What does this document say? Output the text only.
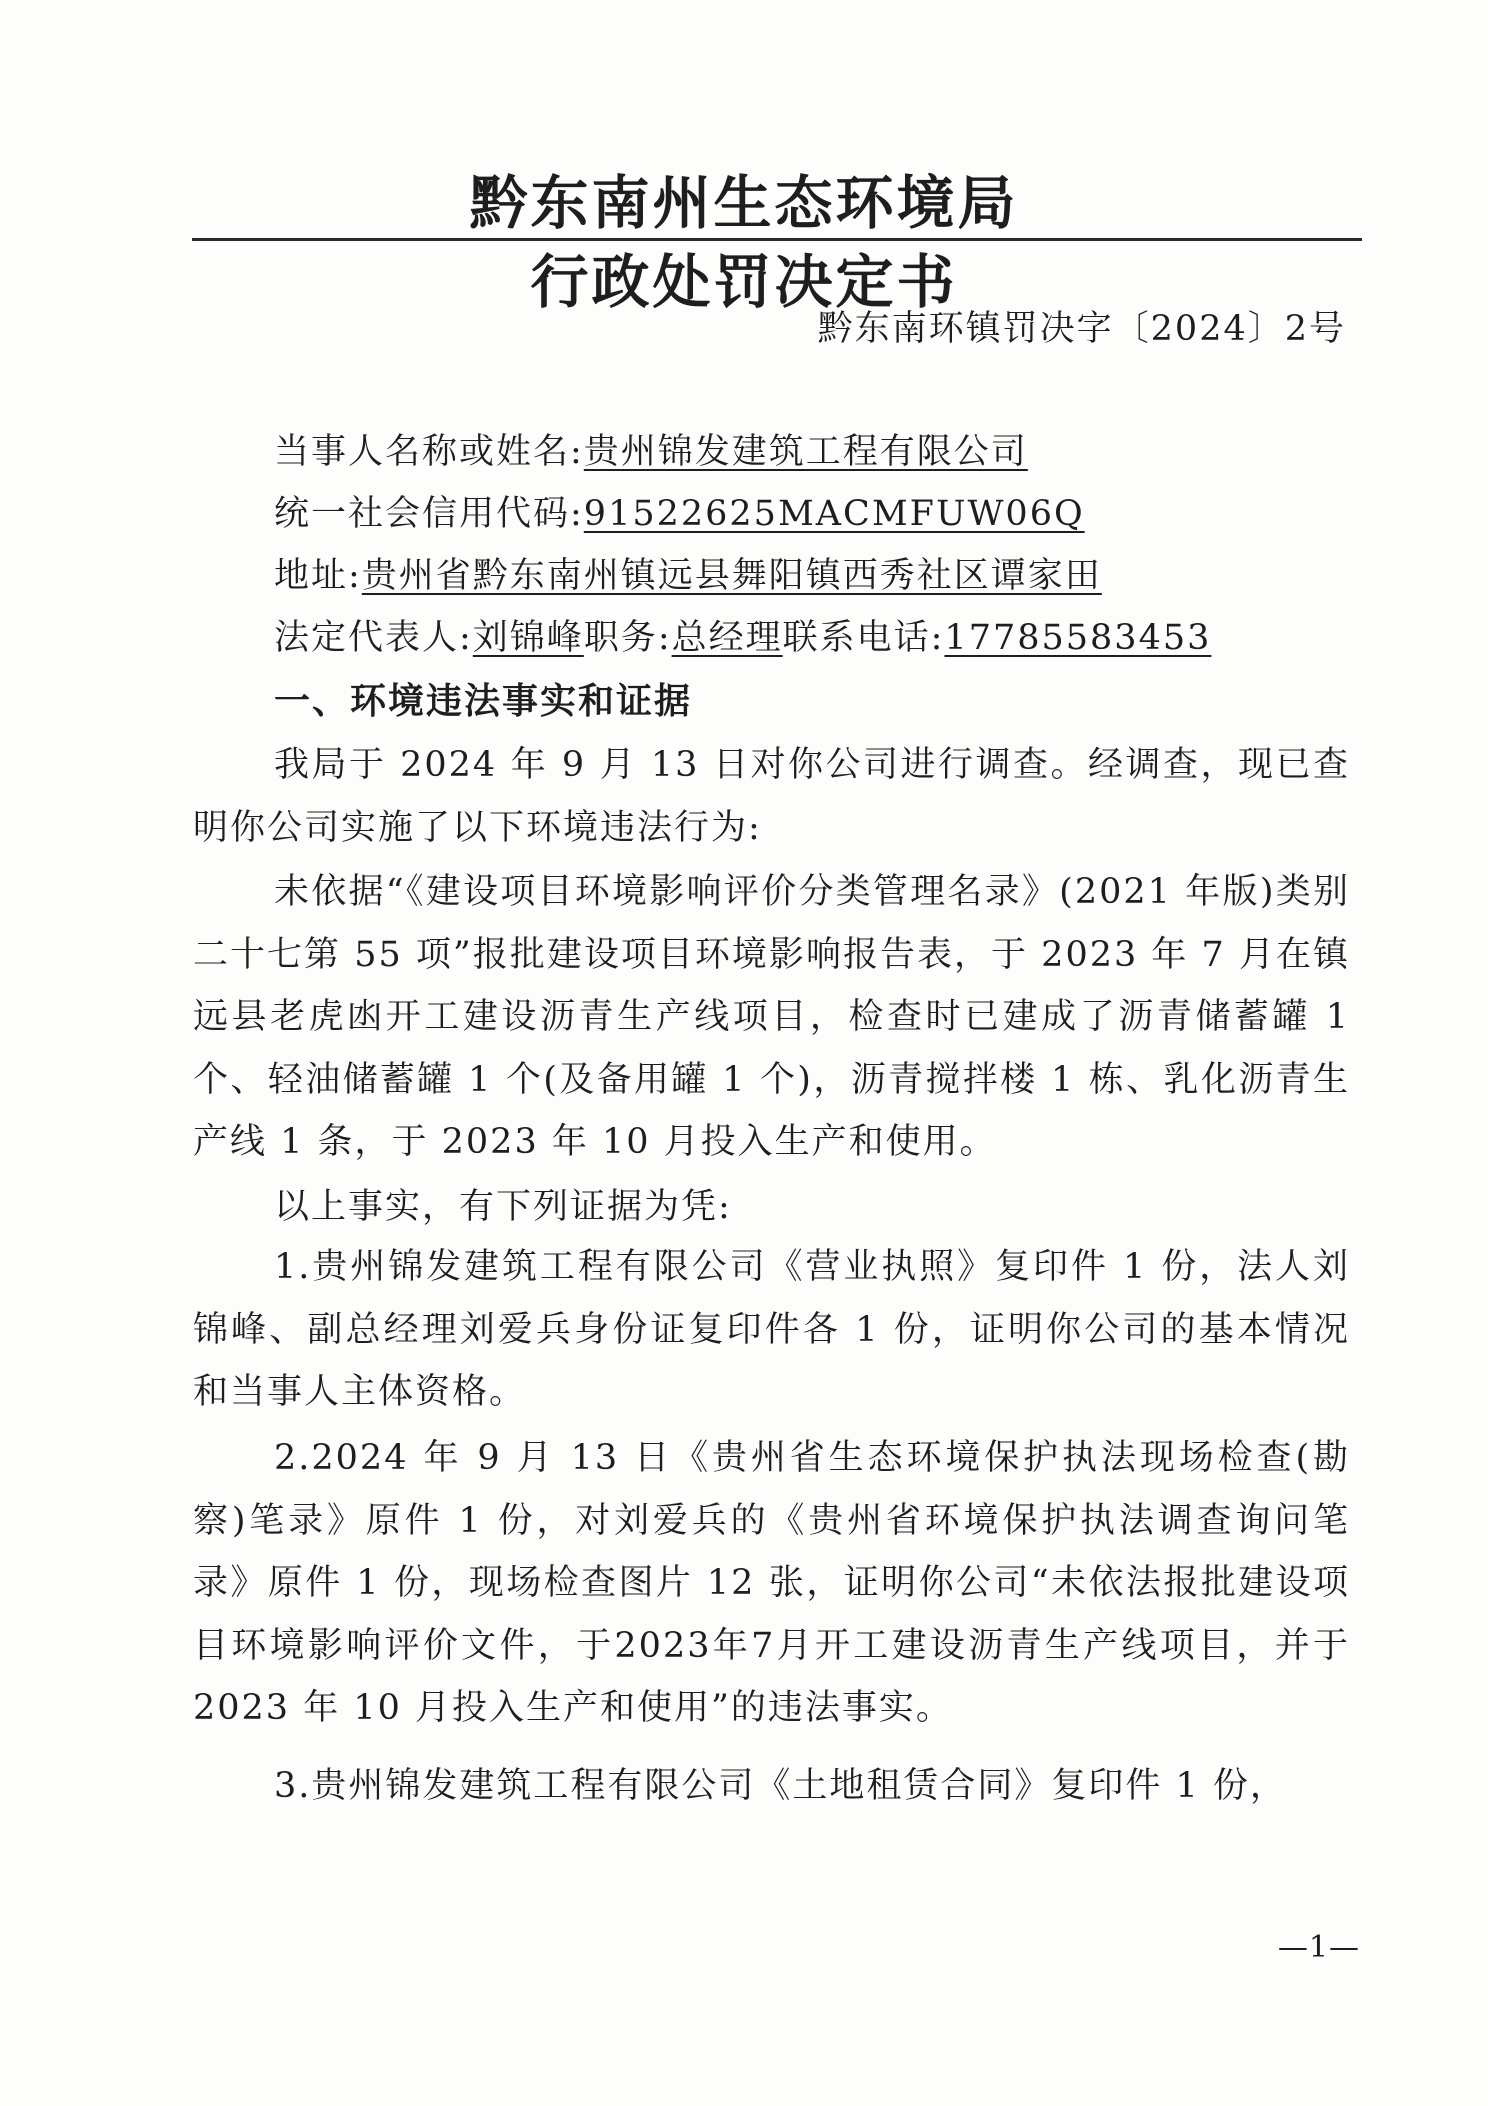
黔东南州生态环境局
行政处罚决定书
黔东南环镇罚决字〔2024〕2号
当事人名称或姓名:贵州锦发建筑工程有限公司
统一社会信用代码:91522625MACMFUW06Q
地址:贵州省黔东南州镇远县舞阳镇西秀社区谭家田
法定代表人:刘锦峰职务:总经理联系电话:17785583453
一、环境违法事实和证据
我局于 2024 年 9 月 13 日对你公司进行调查。经调查，现已查明你公司实施了以下环境违法行为:
未依据“《建设项目环境影响评价分类管理名录》(2021 年版)类别二十七第 55 项”报批建设项目环境影响报告表，于 2023 年 7 月在镇远县老虎凼开工建设沥青生产线项目，检查时已建成了沥青储蓄罐 1 个、轻油储蓄罐 1 个(及备用罐 1 个)，沥青搅拌楼 1 栋、乳化沥青生产线 1 条，于 2023 年 10 月投入生产和使用。
以上事实，有下列证据为凭:
1.贵州锦发建筑工程有限公司《营业执照》复印件 1 份，法人刘锦峰、副总经理刘爱兵身份证复印件各 1 份，证明你公司的基本情况和当事人主体资格。
2.2024 年 9 月 13 日《贵州省生态环境保护执法现场检查(勘察)笔录》原件 1 份，对刘爱兵的《贵州省环境保护执法调查询问笔录》原件 1 份，现场检查图片 12 张，证明你公司“未依法报批建设项目环境影响评价文件，于2023年7月开工建设沥青生产线项目，并于 2023 年 10 月投入生产和使用”的违法事实。
3.贵州锦发建筑工程有限公司《土地租赁合同》复印件 1 份，
—1—
